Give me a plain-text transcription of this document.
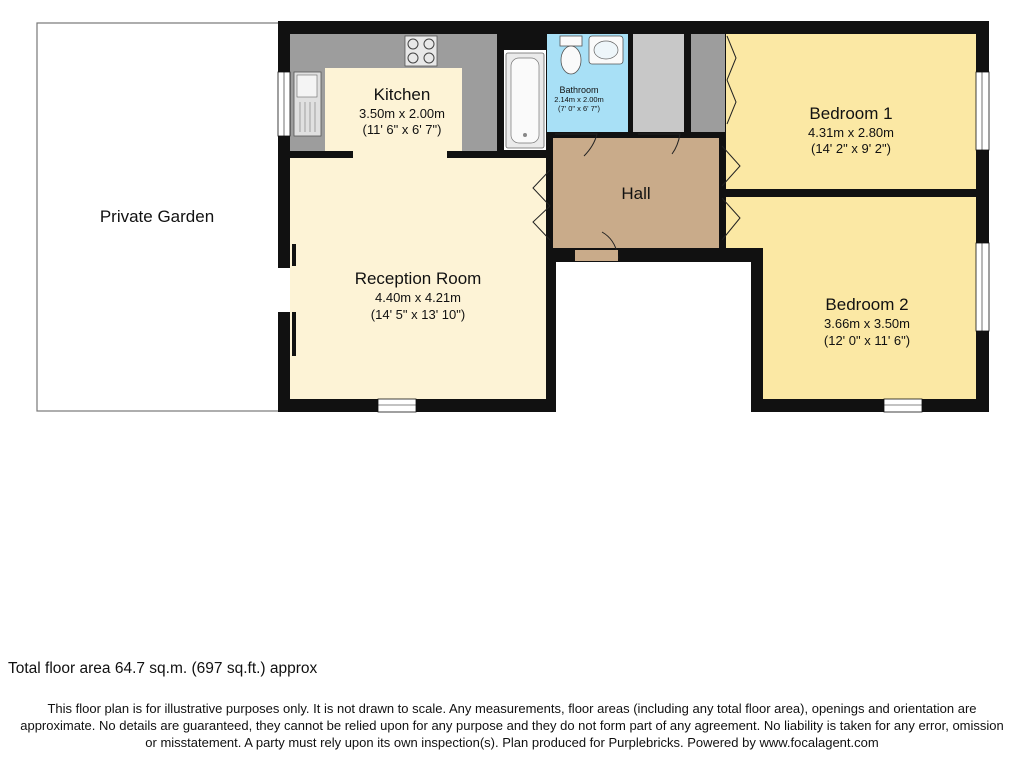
Private Garden
Kitchen
3.50m x 2.00m
(11' 6" x 6' 7")
Bathroom
2.14m x 2.00m
(7' 0" x 6' 7")
Hall
Reception Room
4.40m x 4.21m
(14' 5" x 13' 10")
Bedroom 1
4.31m x 2.80m
(14' 2" x 9' 2")
Bedroom 2
3.66m x 3.50m
(12' 0" x 11' 6")
Total floor area 64.7 sq.m. (697 sq.ft.) approx
This floor plan is for illustrative purposes only. It is not drawn to scale. Any measurements, floor areas (including any total floor area), openings and orientation are
approximate. No details are guaranteed, they cannot be relied upon for any purpose and they do not form part of any agreement. No liability is taken for any error, omission
or misstatement. A party must rely upon its own inspection(s). Plan produced for Purplebricks. Powered by www.focalagent.com
